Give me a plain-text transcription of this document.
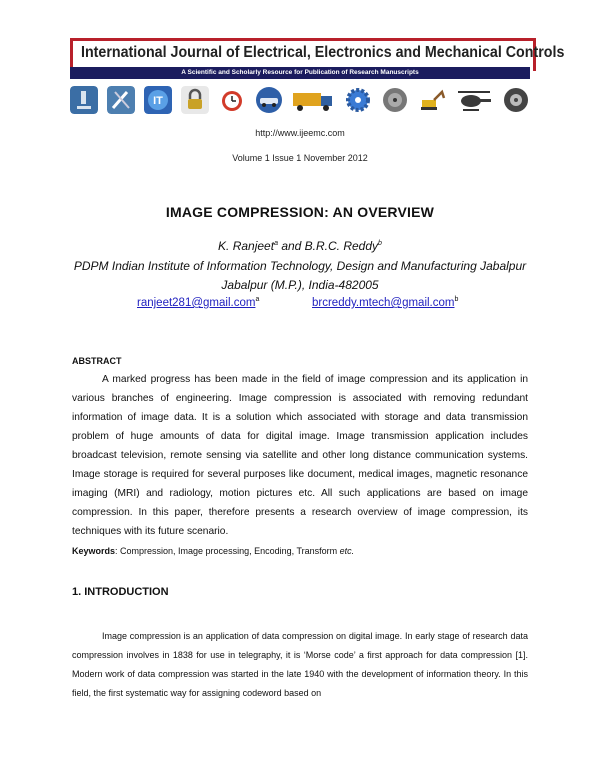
International Journal of Electrical, Electronics and Mechanical Controls
A Scientific and Scholarly Resource for Publication of Research Manuscripts
IT
http://www.ijeemc.com
Volume 1 Issue 1 November 2012
IMAGE COMPRESSION: AN OVERVIEW
K. Ranjeet$^a$ and B.R.C. Reddy$^b$
PDPM Indian Institute of Information Technology, Design and Manufacturing Jabalpur
Jabalpur (M.P.), India-482005
ranjeet281@gmail.com$^a$	brcreddy.mtech@gmail.com$^b$
ABSTRACT

A marked progress has been made in the field of image compression and its application in various branches of engineering. Image compression is associated with removing redundant information of image data. It is a solution which associated with storage and data transmission problem of huge amounts of data for digital image. Image transmission application includes broadcast television, remote sensing via satellite and other long distance communication systems. Image storage is required for several purposes like document, medical images, magnetic resonance imaging (MRI) and radiology, motion pictures etc. All such applications are based on image compression. In this paper, therefore presents a research overview of image compression, its techniques with its future scenario.

Keywords: Compression, Image processing, Encoding, Transform etc.
1. INTRODUCTION

Image compression is an application of data compression on digital image. In early stage of research data compression involves in 1838 for use in telegraphy, it is ‘Morse code’ a first approach for data compression [1]. Modern work of data compression was started in the late 1940 with the development of information theory. In this field, the first systematic way for assigning codeword based on
